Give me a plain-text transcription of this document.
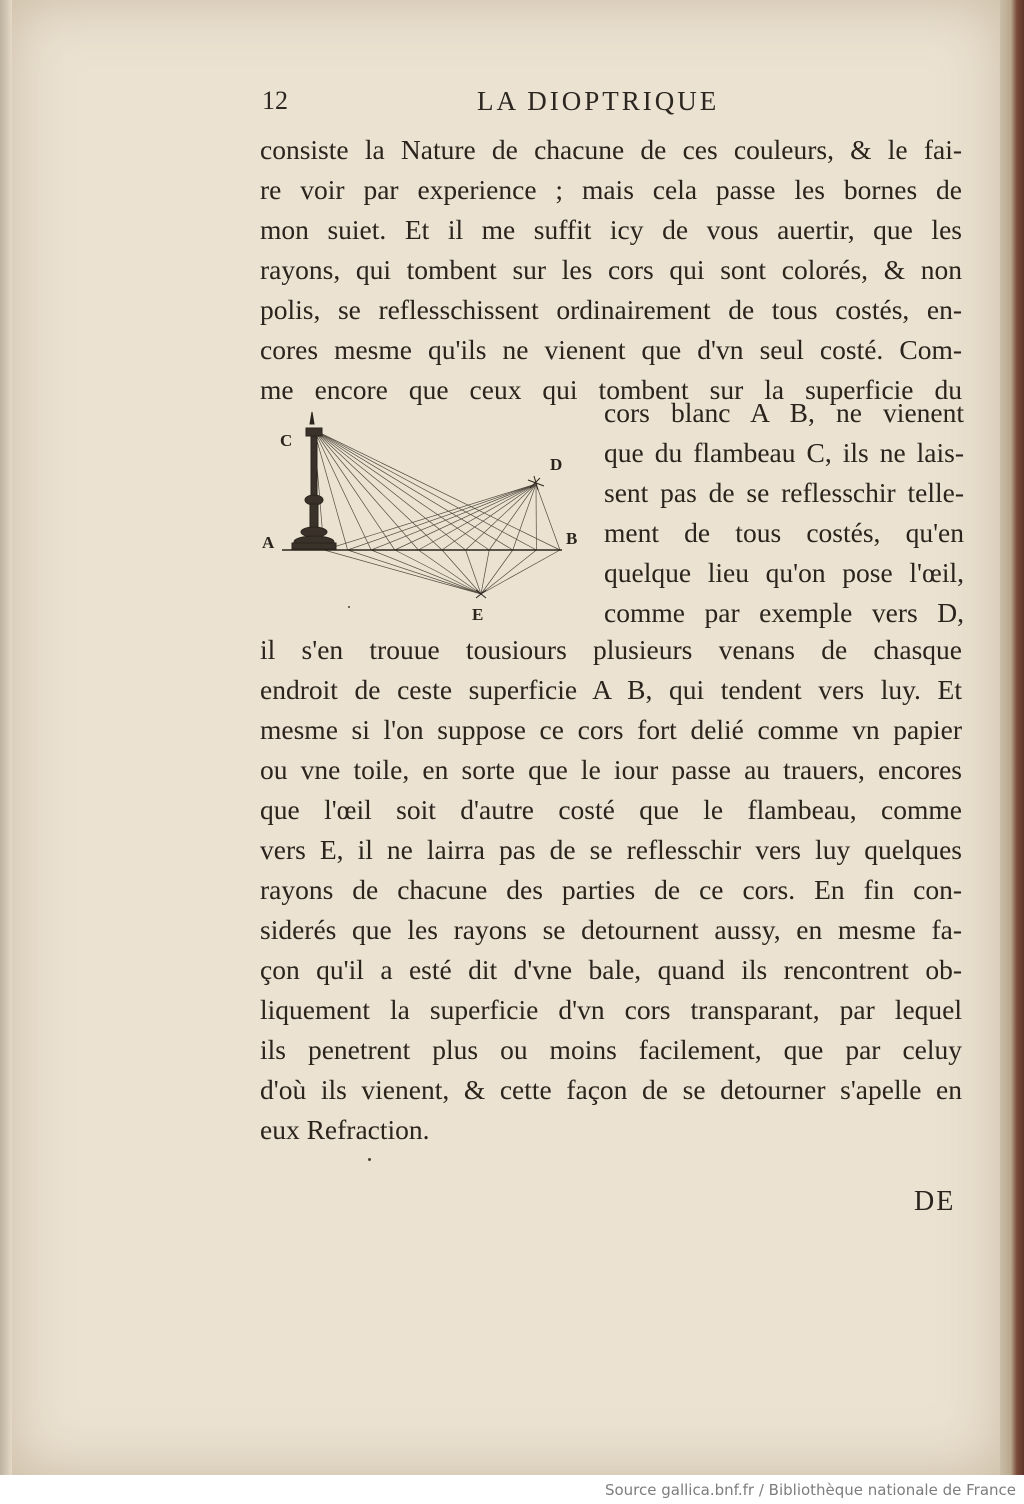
12	LA DIOPTRIQUE
consiste la Nature de chacune de ces couleurs, & le fai-
re voir par experience ; mais cela passe les bornes de
mon suiet. Et il me suffit icy de vous auertir, que les
rayons, qui tombent sur les cors qui sont colorés, & non
polis, se reflesschissent ordinairement de tous costés, en-
cores mesme qu'ils ne vienent que d'vn seul costé. Com-
me encore que ceux qui tombent sur la superficie du
cors blanc A B, ne vienent
que du flambeau C, ils ne lais-
sent pas de se reflesschir telle-
ment de tous costés, qu'en
quelque lieu qu'on pose l'œil,
comme par exemple vers D,
C
D
A	B
E
il s'en trouue tousiours plusieurs venans de chasque
endroit de ceste superficie A B, qui tendent vers luy. Et
mesme si l'on suppose ce cors fort delié comme vn papier
ou vne toile, en sorte que le iour passe au trauers, encores
que l'œil soit d'autre costé que le flambeau, comme
vers E, il ne lairra pas de se reflesschir vers luy quelques
rayons de chacune des parties de ce cors. En fin con-
siderés que les rayons se detournent aussy, en mesme fa-
çon qu'il a esté dit d'vne bale, quand ils rencontrent ob-
liquement la superficie d'vn cors transparant, par lequel
ils penetrent plus ou moins facilement, que par celuy
d'où ils vienent, & cette façon de se detourner s'apelle en
eux Refraction.
DE
Source gallica.bnf.fr / Bibliothèque nationale de France
